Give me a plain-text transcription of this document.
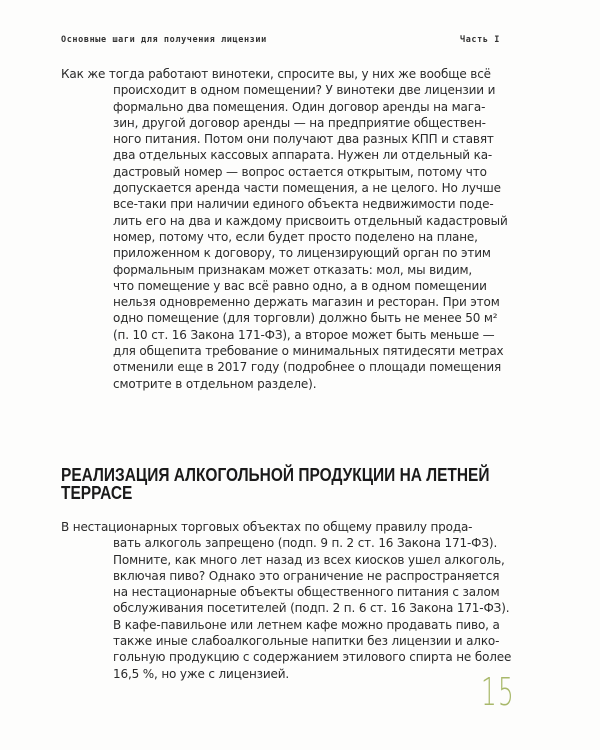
Основные шаги для получения лицензии	Часть I
Как же тогда работают винотеки, спросите вы, у них же вообще всё
происходит в одном помещении? У винотеки две лицензии и
формально два помещения. Один договор аренды на мага-
зин, другой договор аренды — на предприятие обществен-
ного питания. Потом они получают два разных КПП и ставят
два отдельных кассовых аппарата. Нужен ли отдельный ка-
дастровый номер — вопрос остается открытым, потому что
допускается аренда части помещения, а не целого. Но лучше
все-таки при наличии единого объекта недвижимости поде-
лить его на два и каждому присвоить отдельный кадастровый
номер, потому что, если будет просто поделено на плане,
приложенном к договору, то лицензирующий орган по этим
формальным признакам может отказать: мол, мы видим,
что помещение у вас всё равно одно, а в одном помещении
нельзя одновременно держать магазин и ресторан. При этом
одно помещение (для торговли) должно быть не менее 50 м²
(п. 10 ст. 16 Закона 171-ФЗ), а второе может быть меньше —
для общепита требование о минимальных пятидесяти метрах
отменили еще в 2017 году (подробнее о площади помещения
смотрите в отдельном разделе).
РЕАЛИЗАЦИЯ АЛКОГОЛЬНОЙ ПРОДУКЦИИ НА ЛЕТНЕЙ
ТЕРРАСЕ
В нестационарных торговых объектах по общему правилу прода-
вать алкоголь запрещено (подп. 9 п. 2 ст. 16 Закона 171-ФЗ).
Помните, как много лет назад из всех киосков ушел алкоголь,
включая пиво? Однако это ограничение не распространяется
на нестационарные объекты общественного питания с залом
обслуживания посетителей (подп. 2 п. 6 ст. 16 Закона 171-ФЗ).
В кафе-павильоне или летнем кафе можно продавать пиво, а
также иные слабоалкогольные напитки без лицензии и алко-
гольную продукцию с содержанием этилового спирта не более
16,5 %, но уже с лицензией.	15
